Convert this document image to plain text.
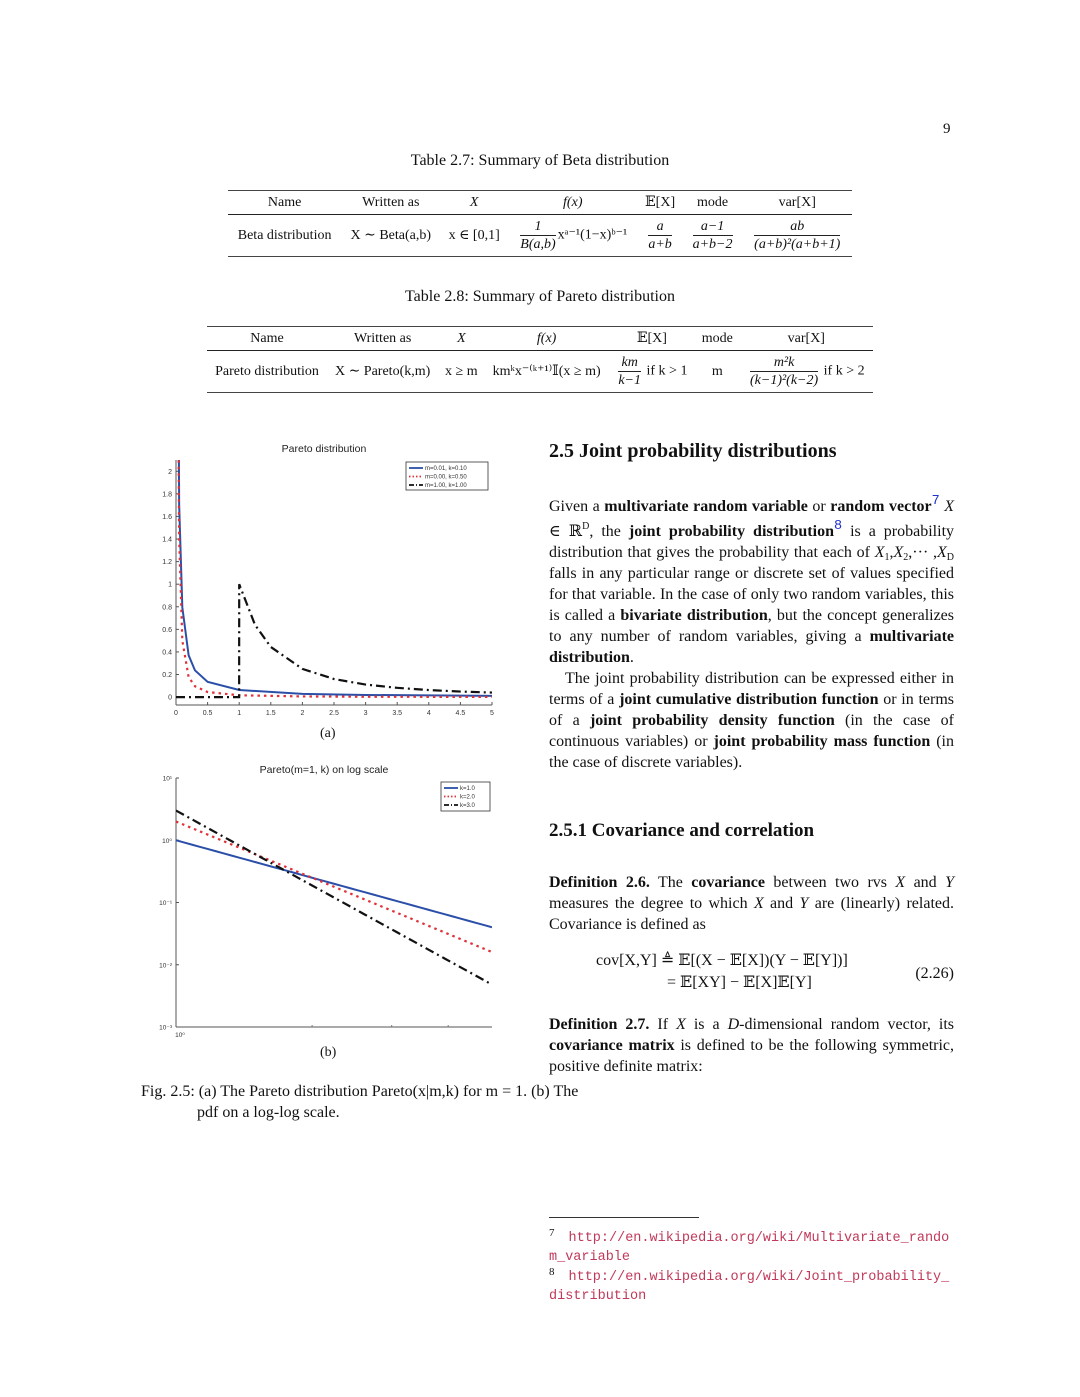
9
Table 2.7: Summary of Beta distribution
Name	Written as	X	f(x)	𝔼[X]	mode	var[X]
Beta distribution	X ∼ Beta(a,b)	x ∈ [0,1]	$\frac{1}{B(a,b)}$ xᵃ⁻¹(1−x)ᵇ⁻¹	$\frac{a}{a+b}$	$\frac{a-1}{a+b-2}$	$\frac{ab}{\text{(a+b)²(a+b+1)}}$
Table 2.8: Summary of Pareto distribution
Name	Written as	X	f(x)	𝔼[X]	mode	var[X]
Pareto distribution	X ∼ Pareto(k,m)	x ≥ m	kmᵏx⁻⁽ᵏ⁺¹⁾𝕀(x ≥ m)	$\frac{km}{k-1}$ if k > 1	m	$\frac{\text{m²k}}{\text{(k−1)²(k−2)}}$ if k > 2
Pareto distribution
0	0.5	1	1.5	2	2.5	3	3.5	4	4.5	5
0
0.2
0.4
0.6
0.8
1
1.2
1.4
1.6
1.8
2	m=0.01, k=0.10
m=0.00, k=0.50
m=1.00, k=1.00
Pareto(m=1, k) on log scale
10⁻³
10⁻²
10⁻¹
10⁰
10¹
10⁰
k=1.0
k=2.0
k=3.0
(a)
(b)
Fig. 2.5: (a) The Pareto distribution Pareto(x|m,k) for m = 1. (b) The pdf on a log-log scale.
2.5 Joint probability distributions

Given a multivariate random variable or random vector$^7$ X ∈ ℝ$^D$, the joint probability distribution$^8$ is a probability distribution that gives the probability that each of $X_1,X_2,\cdot\cdot\cdot ,X_D$ falls in any particular range or discrete set of values specified for that variable. In the case of only two random variables, this is called a bivariate distribution, but the concept generalizes to any number of random variables, giving a multivariate distribution.

The joint probability distribution can be expressed either in terms of a joint cumulative distribution function or in terms of a joint probability density function (in the case of continuous variables) or joint probability mass function (in the case of discrete variables).

2.5.1 Covariance and correlation
Definition 2.6. The covariance between two rvs X and Y measures the degree to which X and Y are (linearly) related. Covariance is defined as
cov[X,Y] ≜ 𝔼[(X − 𝔼[X])(Y − 𝔼[Y])]
= 𝔼[XY] − 𝔼[X]𝔼[Y]
(2.26)
Definition 2.7. If X is a D-dimensional random vector, its covariance matrix is defined to be the following symmetric, positive definite matrix:
$^7$ http://en.wikipedia.org/wiki/Multivariate_random_variable
$^8$ http://en.wikipedia.org/wiki/Joint_probability_distribution
